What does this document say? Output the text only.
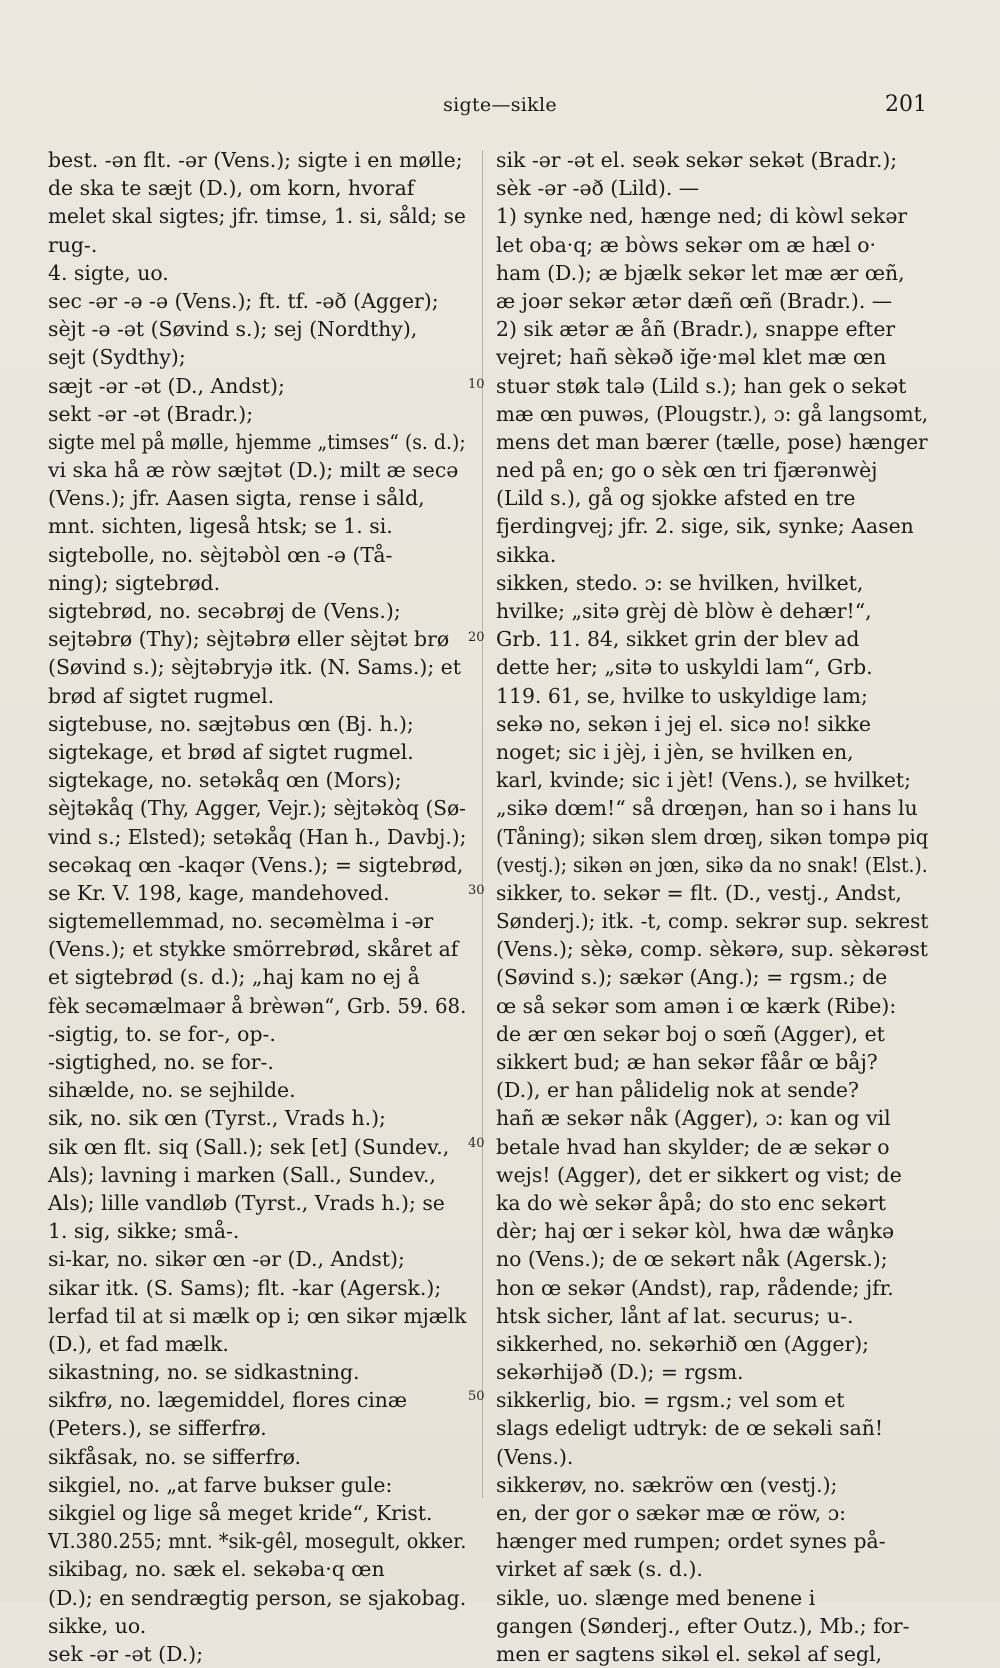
sigte—sikle	201
best. -ən flt. -ər (Vens.); sigte i en mølle;
de ska te sæjt (D.), om korn, hvoraf
melet skal sigtes; jfr. timse, 1. si, såld; se
rug-.
4. sigte, uo.
sec -ər -ə -ə (Vens.); ft. tf. -əð (Agger);
sèjt -ə -ət (Søvind s.); sej (Nordthy),
sejt (Sydthy);
sæjt -ər -ət (D., Andst);
sekt -ər -ət (Bradr.);
sigte mel på mølle, hjemme „timses“ (s. d.);
vi ska hå æ ròw sæjtət (D.); milt æ secə
(Vens.); jfr. Aasen sigta, rense i såld,
mnt. sichten, ligeså htsk; se 1. si.
sigtebolle, no. sèjtəbòl œn -ə (Tå-
ning); sigtebrød.
sigtebrød, no. secəbrøj de (Vens.);
sejtəbrø (Thy); sèjtəbrø eller sèjtət brø
(Søvind s.); sèjtəbryjə itk. (N. Sams.); et
brød af sigtet rugmel.
sigtebuse, no. sæjtəbus œn (Bj. h.);
sigtekage, et brød af sigtet rugmel.
sigtekage, no. setəkåq œn (Mors);
sèjtəkåq (Thy, Agger, Vejr.); sèjtəkòq (Sø-
vind s.; Elsted); setəkåq (Han h., Davbj.);
secəkaq œn -kaqər (Vens.); = sigtebrød,
se Kr. V. 198, kage, mandehoved.
sigtemellemmad, no. secəmèlma i -ər
(Vens.); et stykke smörrebrød, skåret af
et sigtebrød (s. d.); „haj kam no ej å
fèk secəmælmaər å brèwən“, Grb. 59. 68.
-sigtig, to. se for-, op-.
-sigtighed, no. se for-.
sihælde, no. se sejhilde.
sik, no. sik œn (Tyrst., Vrads h.);
sik œn flt. siq (Sall.); sek [et] (Sundev.,
Als); lavning i marken (Sall., Sundev.,
Als); lille vandløb (Tyrst., Vrads h.); se
1. sig, sikke; små-.
si-kar, no. sikər œn -ər (D., Andst);
sikar itk. (S. Sams); flt. -kar (Agersk.);
lerfad til at si mælk op i; œn sikər mjælk
(D.), et fad mælk.
sikastning, no. se sidkastning.
sikfrø, no. lægemiddel, flores cinæ
(Peters.), se sifferfrø.
sikfåsak, no. se sifferfrø.
sikgiel, no. „at farve bukser gule:
sikgiel og lige så meget kride“, Krist.
VI.380.255; mnt. *sik-gêl, mosegult, okker.
sikibag, no. sæk el. sekəba·q œn
(D.); en sendrægtig person, se sjakobag.
sikke, uo.
sek -ər -ət (D.);
sik -ər -ət el. seək sekər sekət (Bradr.);
sèk -ər -əð (Lild). —
1) synke ned, hænge ned; di kòwl sekər
let oba·q; æ bòws sekər om æ hæl o·
ham (D.); æ bjælk sekər let mæ ær œñ,
æ joər sekər ætər dæñ œñ (Bradr.). —
2) sik ætər æ åñ (Bradr.), snappe efter
vejret; hañ sèkəð iğe·məl klet mæ œn
stuər støk talə (Lild s.); han gek o sekət
mæ œn puwəs, (Plougstr.), ɔ: gå langsomt,
mens det man bærer (tælle, pose) hænger
ned på en; go o sèk œn tri fjærənwèj
(Lild s.), gå og sjokke afsted en tre
fjerdingvej; jfr. 2. sige, sik, synke; Aasen
sikka.
sikken, stedo. ɔ: se hvilken, hvilket,
hvilke; „sitə grèj dè blòw è dehær!“,
Grb. 11. 84, sikket grin der blev ad
dette her; „sitə to uskyldi lam“, Grb.
119. 61, se, hvilke to uskyldige lam;
sekə no, sekən i jej el. sicə no! sikke
noget; sic i jèj, i jèn, se hvilken en,
karl, kvinde; sic i jèt! (Vens.), se hvilket;
„sikə dœm!“ så drœŋən, han so i hans lu
(Tåning); sikən slem drœŋ, sikən tompə piq
(vestj.); sikən ən jœn, sikə da no snak! (Elst.).
sikker, to. sekər = flt. (D., vestj., Andst,
Sønderj.); itk. -t, comp. sekrər sup. sekrest
(Vens.); sèkə, comp. sèkərə, sup. sèkərəst
(Søvind s.); sækər (Ang.); = rgsm.; de
œ så sekər som amən i œ kærk (Ribe):
de ær œn sekər boj o sœñ (Agger), et
sikkert bud; æ han sekər fåår œ båj?
(D.), er han pålidelig nok at sende?
hañ æ sekər nåk (Agger), ɔ: kan og vil
betale hvad han skylder; de æ sekər o
wejs! (Agger), det er sikkert og vist; de
ka do wè sekər åpå; do sto enc sekərt
dèr; haj œr i sekər kòl, hwa dæ wåŋkə
no (Vens.); de œ sekərt nåk (Agersk.);
hon œ sekər (Andst), rap, rådende; jfr.
htsk sicher, lånt af lat. securus; u-.
sikkerhed, no. sekərhið œn (Agger);
sekərhijəð (D.); = rgsm.
sikkerlig, bio. = rgsm.; vel som et
slags edeligt udtryk: de œ sekəli sañ!
(Vens.).
sikkerøv, no. sækröw œn (vestj.);
en, der gor o sækər mæ œ röw, ɔ:
hænger med rumpen; ordet synes på-
virket af sæk (s. d.).
sikle, uo. slænge med benene i
gangen (Sønderj., efter Outz.), Mb.; for-
men er sagtens sikəl el. sekəl af segl,
10
20
30
40
50
